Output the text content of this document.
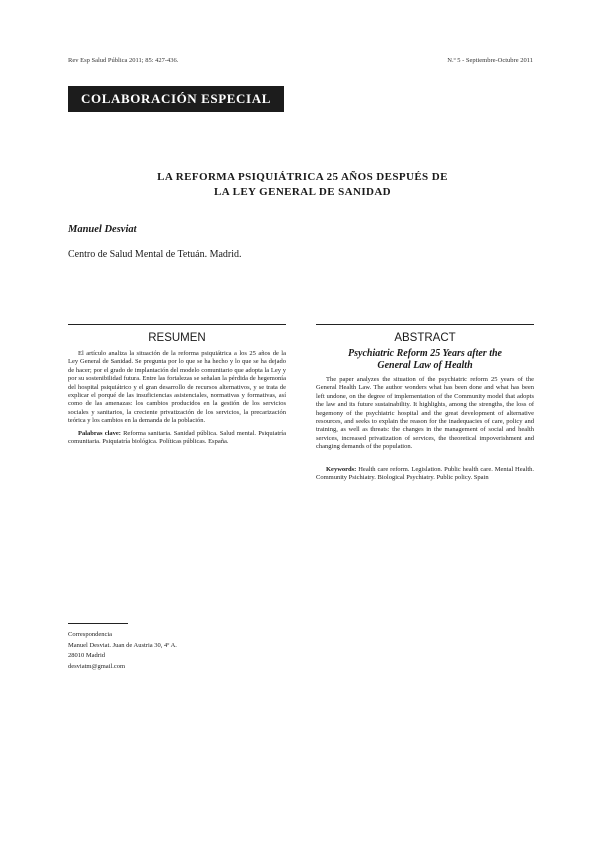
Rev Esp Salud Pública 2011; 85: 427-436.	N.º 5 - Septiembre-Octubre 2011
COLABORACIÓN ESPECIAL
LA REFORMA PSIQUIÁTRICA 25 AÑOS DESPUÉS DE
LA LEY GENERAL DE SANIDAD
Manuel Desviat
Centro de Salud Mental de Tetuán. Madrid.
RESUMEN

El artículo analiza la situación de la reforma psiquiátrica a los 25 años de la Ley General de Sanidad. Se pregunta por lo que se ha hecho y lo que se ha dejado de hacer; por el grado de implantación del modelo comunitario que adopta la Ley y por su sostenibilidad futura. Entre las fortalezas se señalan la pérdida de hegemonía del hospital psiquiátrico y el gran desarrollo de recursos alternativos, y se trata de explicar el porqué de las insuficiencias asistenciales, normativas y formativas, así como de las amenazas: los cambios producidos en la gestión de los servicios sociales y sanitarios, la creciente privatización de los servicios, la precarización teórica y los cambios en la demanda de la población.

Palabras clave: Reforma sanitaria. Sanidad pública. Salud mental. Psiquiatría comunitaria. Psiquiatría biológica. Políticas públicas. España.

ABSTRACT
Psychiatric Reform 25 Years after the
General Law of Health

The paper analyzes the situation of the psychiatric reform 25 years of the General Health Law. The author wonders what has been done and what has been left undone, on the degree of implementation of the Community model that adopts the law and its future sustainability. It highlights, among the strengths, the loss of hegemony of the psychiatric hospital and the great development of alternative resources, and seeks to explain the reason for the inadequacies of care, policy and training, as well as threats: the changes in the management of social and health services, increased privatization of services, the theoretical impoverishment and changing demands of the population.

Keywords: Health care reform. Legislation. Public health care. Mental Health. Community Psichiatry. Biological Psychiatry. Public policy. Spain

Correspondencia
Manuel Desviat. Juan de Austria 30, 4º A.
28010 Madrid
desviatm@gmail.com
